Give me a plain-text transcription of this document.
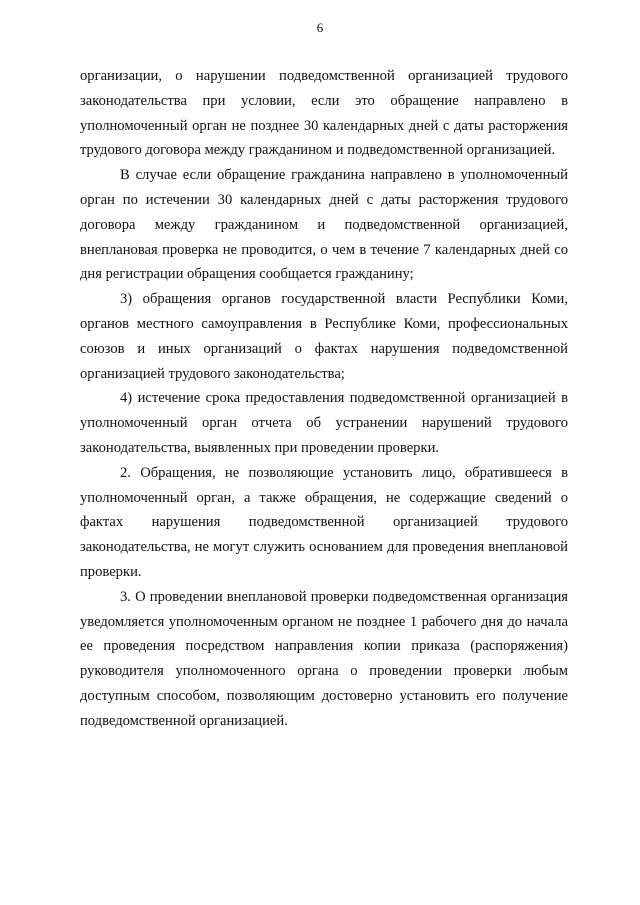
6

организации, о нарушении подведомственной организацией трудового законодательства при условии, если это обращение направлено в уполномоченный орган не позднее 30 календарных дней с даты расторжения трудового договора между гражданином и подведомственной организацией.

В случае если обращение гражданина направлено в уполномоченный орган по истечении 30 календарных дней с даты расторжения трудового договора между гражданином и подведомственной организацией, внеплановая проверка не проводится, о чем в течение 7 календарных дней со дня регистрации обращения сообщается гражданину;

3) обращения органов государственной власти Республики Коми, органов местного самоуправления в Республике Коми, профессиональных союзов и иных организаций о фактах нарушения подведомственной организацией трудового законодательства;

4) истечение срока предоставления подведомственной организацией в уполномоченный орган отчета об устранении нарушений трудового законодательства, выявленных при проведении проверки.

2. Обращения, не позволяющие установить лицо, обратившееся в уполномоченный орган, а также обращения, не содержащие сведений о фактах нарушения подведомственной организацией трудового законодательства, не могут служить основанием для проведения внеплановой проверки.

3. О проведении внеплановой проверки подведомственная организация уведомляется уполномоченным органом не позднее 1 рабочего дня до начала ее проведения посредством направления копии приказа (распоряжения) руководителя уполномоченного органа о проведении проверки любым доступным способом, позволяющим достоверно установить его получение подведомственной организацией.
